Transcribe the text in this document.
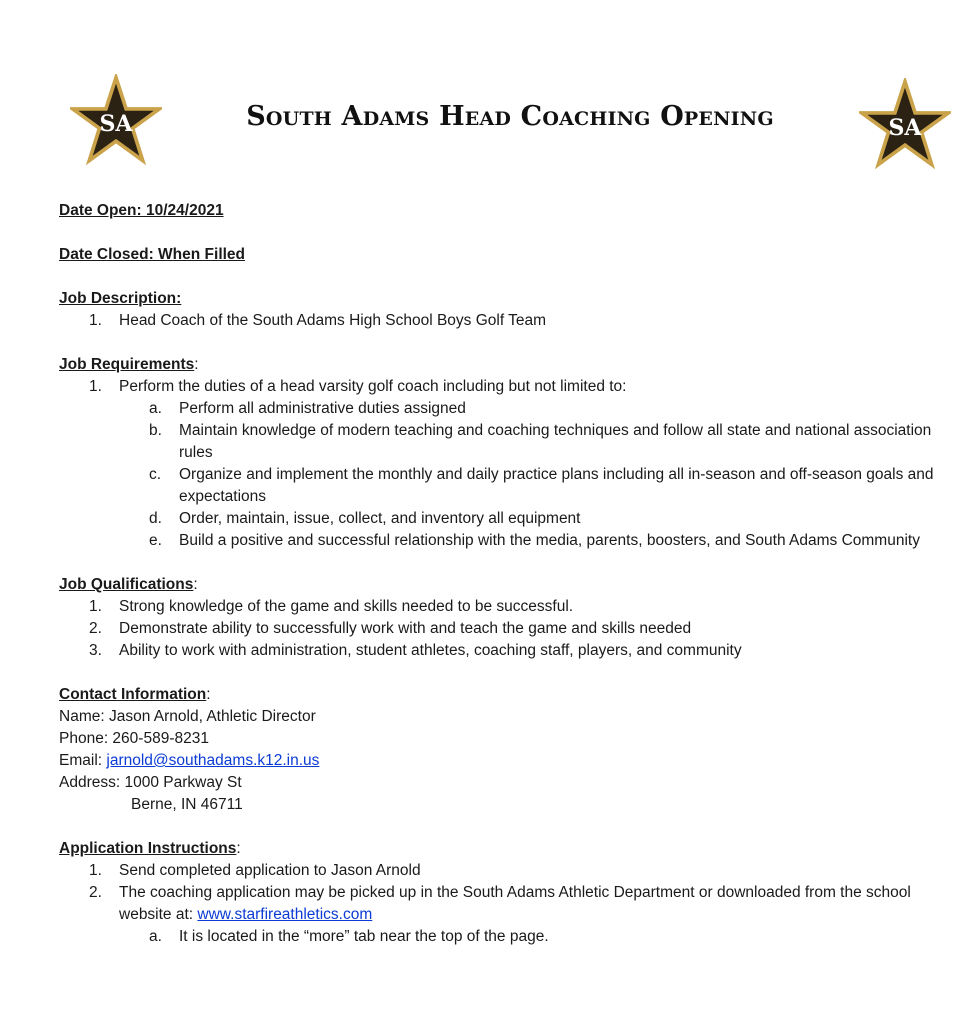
SA	SA
South Adams Head Coaching Opening
Date Open: 10/24/2021
Date Closed: When Filled
Job Description:
1. Head Coach of the South Adams High School Boys Golf Team
Job Requirements:
1. Perform the duties of a head varsity golf coach including but not limited to:
a. Perform all administrative duties assigned
b. Maintain knowledge of modern teaching and coaching techniques and follow all state and national association rules
c. Organize and implement the monthly and daily practice plans including all in-season and off-season goals and expectations
d. Order, maintain, issue, collect, and inventory all equipment
e. Build a positive and successful relationship with the media, parents, boosters, and South Adams Community
Job Qualifications:
1. Strong knowledge of the game and skills needed to be successful.
2. Demonstrate ability to successfully work with and teach the game and skills needed
3. Ability to work with administration, student athletes, coaching staff, players, and community
Contact Information:
Name: Jason Arnold, Athletic Director
Phone: 260-589-8231
Email: jarnold@southadams.k12.in.us
Address: 1000 Parkway St
Berne, IN 46711
Application Instructions:
1. Send completed application to Jason Arnold
2. The coaching application may be picked up in the South Adams Athletic Department or downloaded from the school website at: www.starfireathletics.com
a. It is located in the “more” tab near the top of the page.
